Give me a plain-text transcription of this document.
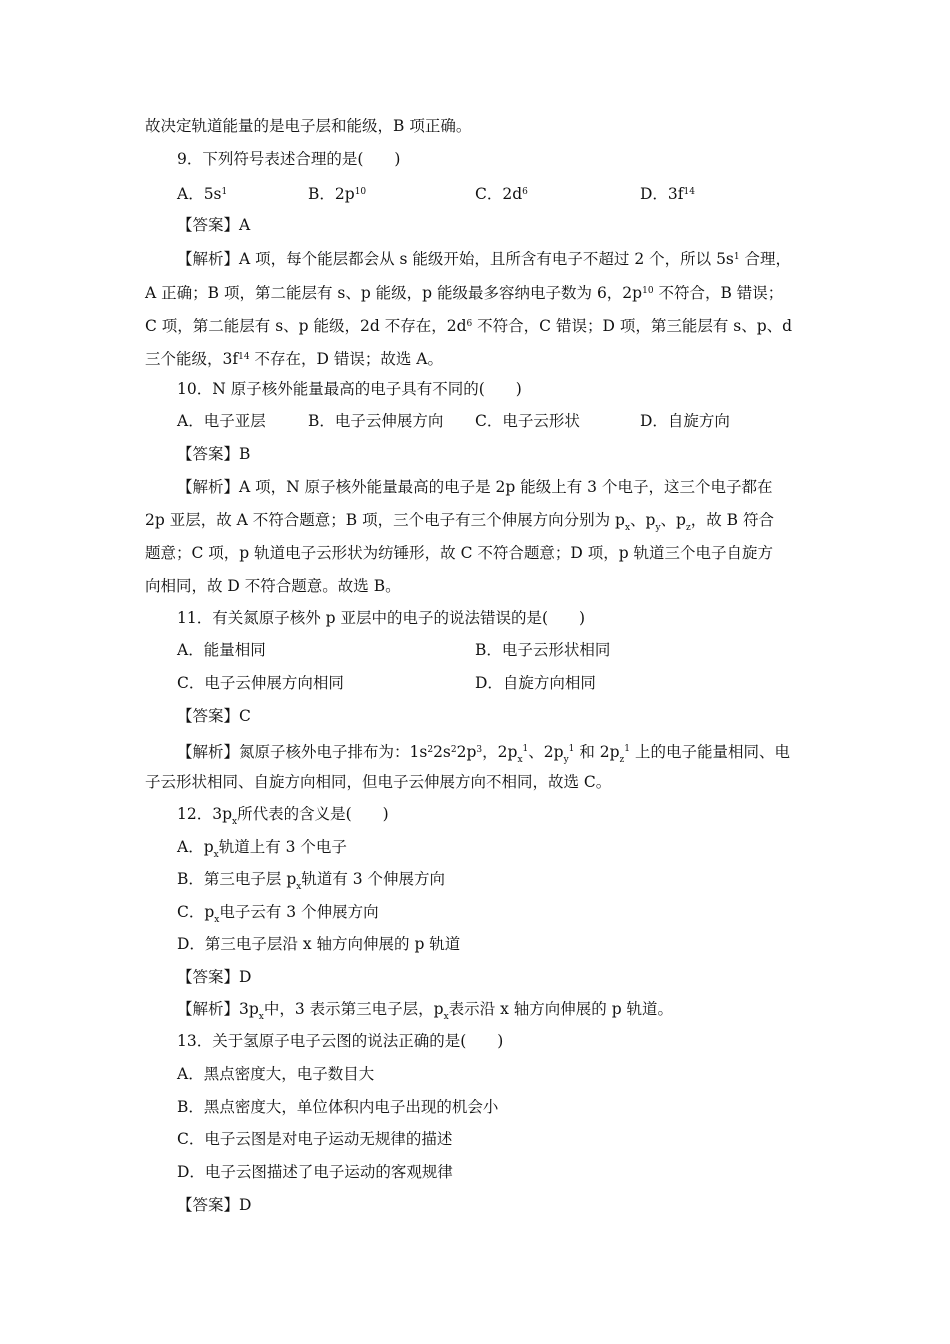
故决定轨道能量的是电子层和能级，B 项正确。
9．下列符号表述合理的是(　　)
A．$5s^1$	B．$2p^{10}$	C．$2d^6$	D．$3f^{14}$
【答案】A
【解析】A 项，每个能层都会从 s 能级开始，且所含有电子不超过 2 个，所以 $5s^1$ 合理，
A 正确；B 项，第二能层有 s、p 能级，p 能级最多容纳电子数为 6，$2p^{10}$ 不符合，B 错误；
C 项，第二能层有 s、p 能级，2d 不存在，$2d^6$ 不符合，C 错误；D 项，第三能层有 s、p、d
三个能级，$3f^{14}$ 不存在，D 错误；故选 A。
10．N 原子核外能量最高的电子具有不同的(　　)
A．电子亚层	B．电子云伸展方向 C．电子云形状	D．自旋方向
【答案】B
【解析】A 项，N 原子核外能量最高的电子是 2p 能级上有 3 个电子，这三个电子都在
2p 亚层，故 A 不符合题意；B 项，三个电子有三个伸展方向分别为 $p_x$、$p_y$、$p_z$，故 B 符合
题意；C 项，p 轨道电子云形状为纺锤形，故 C 不符合题意；D 项，p 轨道三个电子自旋方
向相同，故 D 不符合题意。故选 B。
11．有关氮原子核外 p 亚层中的电子的说法错误的是(　　)
A．能量相同	B．电子云形状相同
C．电子云伸展方向相同	D．自旋方向相同
【答案】C
【解析】氮原子核外电子排布为：$1s^22s^22p^3$，$2p_x^1$、$2p_y^1$ 和 $2p_z^1$ 上的电子能量相同、电
子云形状相同、自旋方向相同，但电子云伸展方向不相同，故选 C。
12．$3p_x$所代表的含义是(　　)
A．$p_x$轨道上有 3 个电子
B．第三电子层 $p_x$轨道有 3 个伸展方向
C．$p_x$电子云有 3 个伸展方向
D．第三电子层沿 x 轴方向伸展的 p 轨道
【答案】D
【解析】$3p_x$中，3 表示第三电子层，$p_x$表示沿 x 轴方向伸展的 p 轨道。
13．关于氢原子电子云图的说法正确的是(　　)
A．黑点密度大，电子数目大
B．黑点密度大，单位体积内电子出现的机会小
C．电子云图是对电子运动无规律的描述
D．电子云图描述了电子运动的客观规律
【答案】D
